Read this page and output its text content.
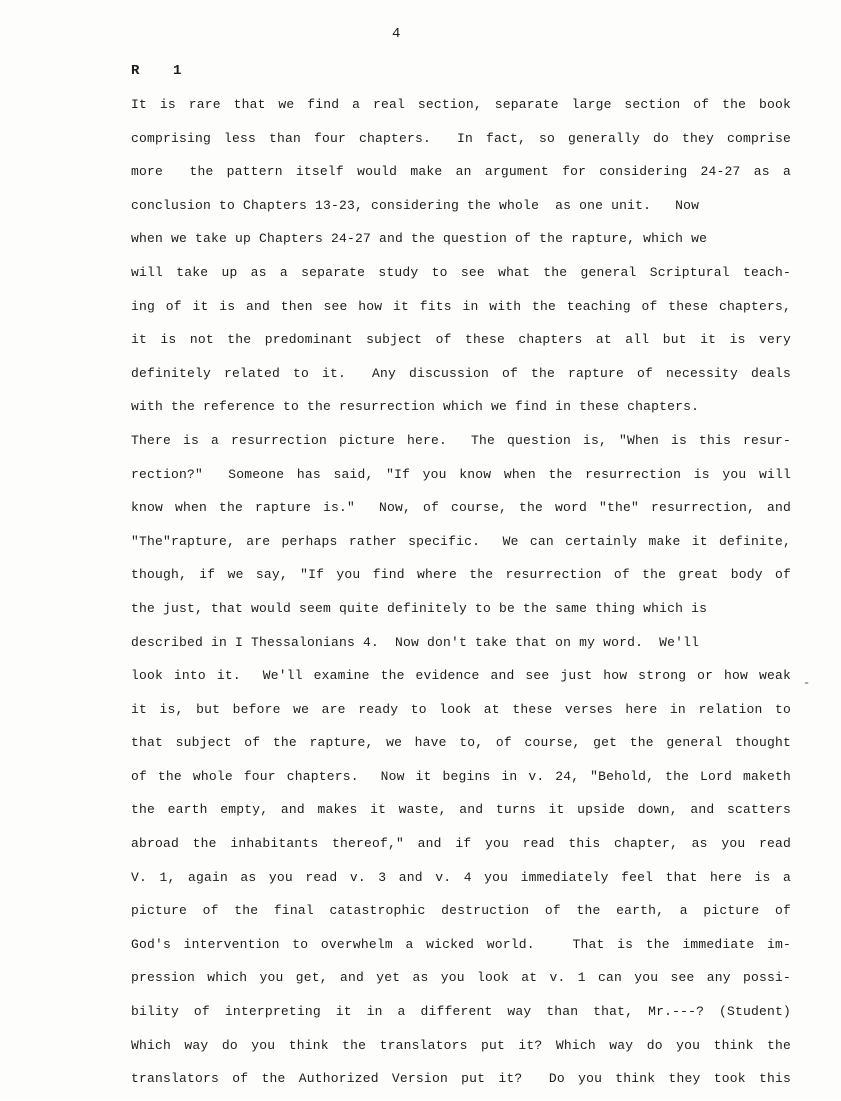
4
R    1
It is rare that we find a real section, separate large section of the book
comprising less than four chapters.  In fact, so generally do they comprise
more  the pattern itself would make an argument for considering 24-27 as a
conclusion to Chapters 13-23, considering the whole  as one unit.   Now
when we take up Chapters 24-27 and the question of the rapture, which we
will take up as a separate study to see what the general Scriptural teach-
ing of it is and then see how it fits in with the teaching of these chapters,
it is not the predominant subject of these chapters at all but it is very
definitely related to it.  Any discussion of the rapture of necessity deals
with the reference to the resurrection which we find in these chapters.
There is a resurrection picture here.  The question is, "When is this resur-
rection?"  Someone has said, "If you know when the resurrection is you will
know when the rapture is."  Now, of course, the word "the" resurrection, and
"The"rapture, are perhaps rather specific.  We can certainly make it definite,
though, if we say, "If you find where the resurrection of the great body of
the just, that would seem quite definitely to be the same thing which is
described in I Thessalonians 4.  Now don't take that on my word.  We'll
look into it.  We'll examine the evidence and see just how strong or how weak
it is, but before we are ready to look at these verses here in relation to
that subject of the rapture, we have to, of course, get the general thought
of the whole four chapters.  Now it begins in v. 24, "Behold, the Lord maketh
the earth empty, and makes it waste, and turns it upside down, and scatters
abroad the inhabitants thereof," and if you read this chapter, as you read
V. 1, again as you read v. 3 and v. 4 you immediately feel that here is a
picture of the final catastrophic destruction of the earth, a picture of
God's intervention to overwhelm a wicked world.   That is the immediate im-
pression which you get, and yet as you look at v. 1 can you see any possi-
bility of interpreting it in a different way than that, Mr.---? (Student)
Which way do you think the translators put it? Which way do you think the
translators of the Authorized Version put it?  Do you think they took this
-
